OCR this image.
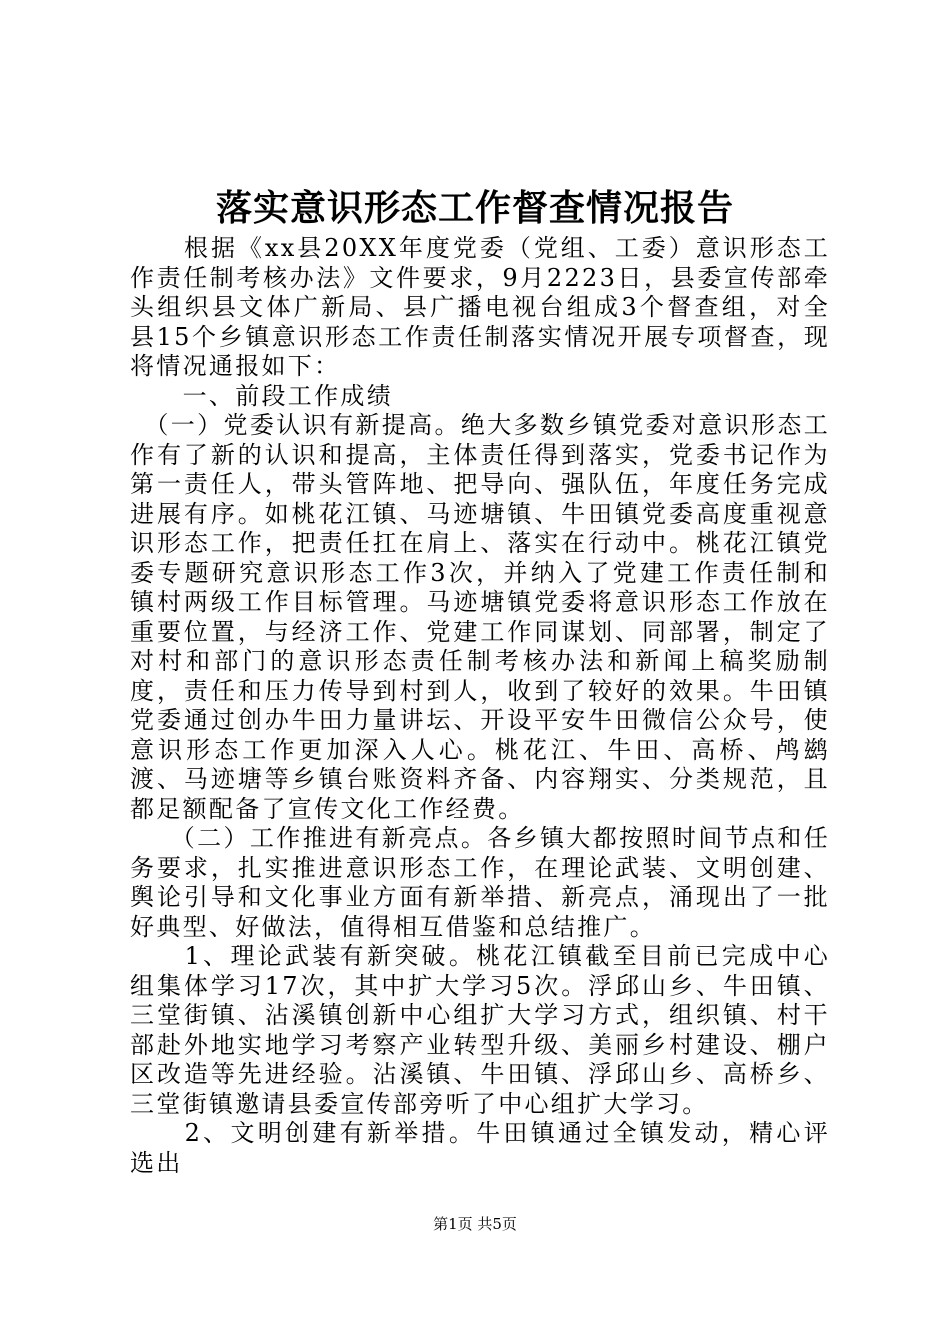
落实意识形态工作督查情况报告

　　根据《xx县20XX年度党委（党组、工委）意识形态工作责任制考核办法》文件要求，9月2223日，县委宣传部牵头组织县文体广新局、县广播电视台组成3个督查组，对全县15个乡镇意识形态工作责任制落实情况开展专项督查，现将情况通报如下：

　　一、前段工作成绩

　（一）党委认识有新提高。绝大多数乡镇党委对意识形态工作有了新的认识和提高，主体责任得到落实，党委书记作为第一责任人，带头管阵地、把导向、强队伍，年度任务完成进展有序。如桃花江镇、马迹塘镇、牛田镇党委高度重视意识形态工作，把责任扛在肩上、落实在行动中。桃花江镇党委专题研究意识形态工作3次，并纳入了党建工作责任制和镇村两级工作目标管理。马迹塘镇党委将意识形态工作放在重要位置，与经济工作、党建工作同谋划、同部署，制定了对村和部门的意识形态责任制考核办法和新闻上稿奖励制度，责任和压力传导到村到人，收到了较好的效果。牛田镇党委通过创办牛田力量讲坛、开设平安牛田微信公众号，使意识形态工作更加深入人心。桃花江、牛田、高桥、鸬鹚渡、马迹塘等乡镇台账资料齐备、内容翔实、分类规范，且都足额配备了宣传文化工作经费。

　　（二）工作推进有新亮点。各乡镇大都按照时间节点和任务要求，扎实推进意识形态工作，在理论武装、文明创建、舆论引导和文化事业方面有新举措、新亮点，涌现出了一批好典型、好做法，值得相互借鉴和总结推广。

　　1、理论武装有新突破。桃花江镇截至目前已完成中心组集体学习17次，其中扩大学习5次。浮邱山乡、牛田镇、三堂街镇、沾溪镇创新中心组扩大学习方式，组织镇、村干部赴外地实地学习考察产业转型升级、美丽乡村建设、棚户区改造等先进经验。沾溪镇、牛田镇、浮邱山乡、高桥乡、三堂街镇邀请县委宣传部旁听了中心组扩大学习。

　　2、文明创建有新举措。牛田镇通过全镇发动，精心评选出

第1页 共5页
